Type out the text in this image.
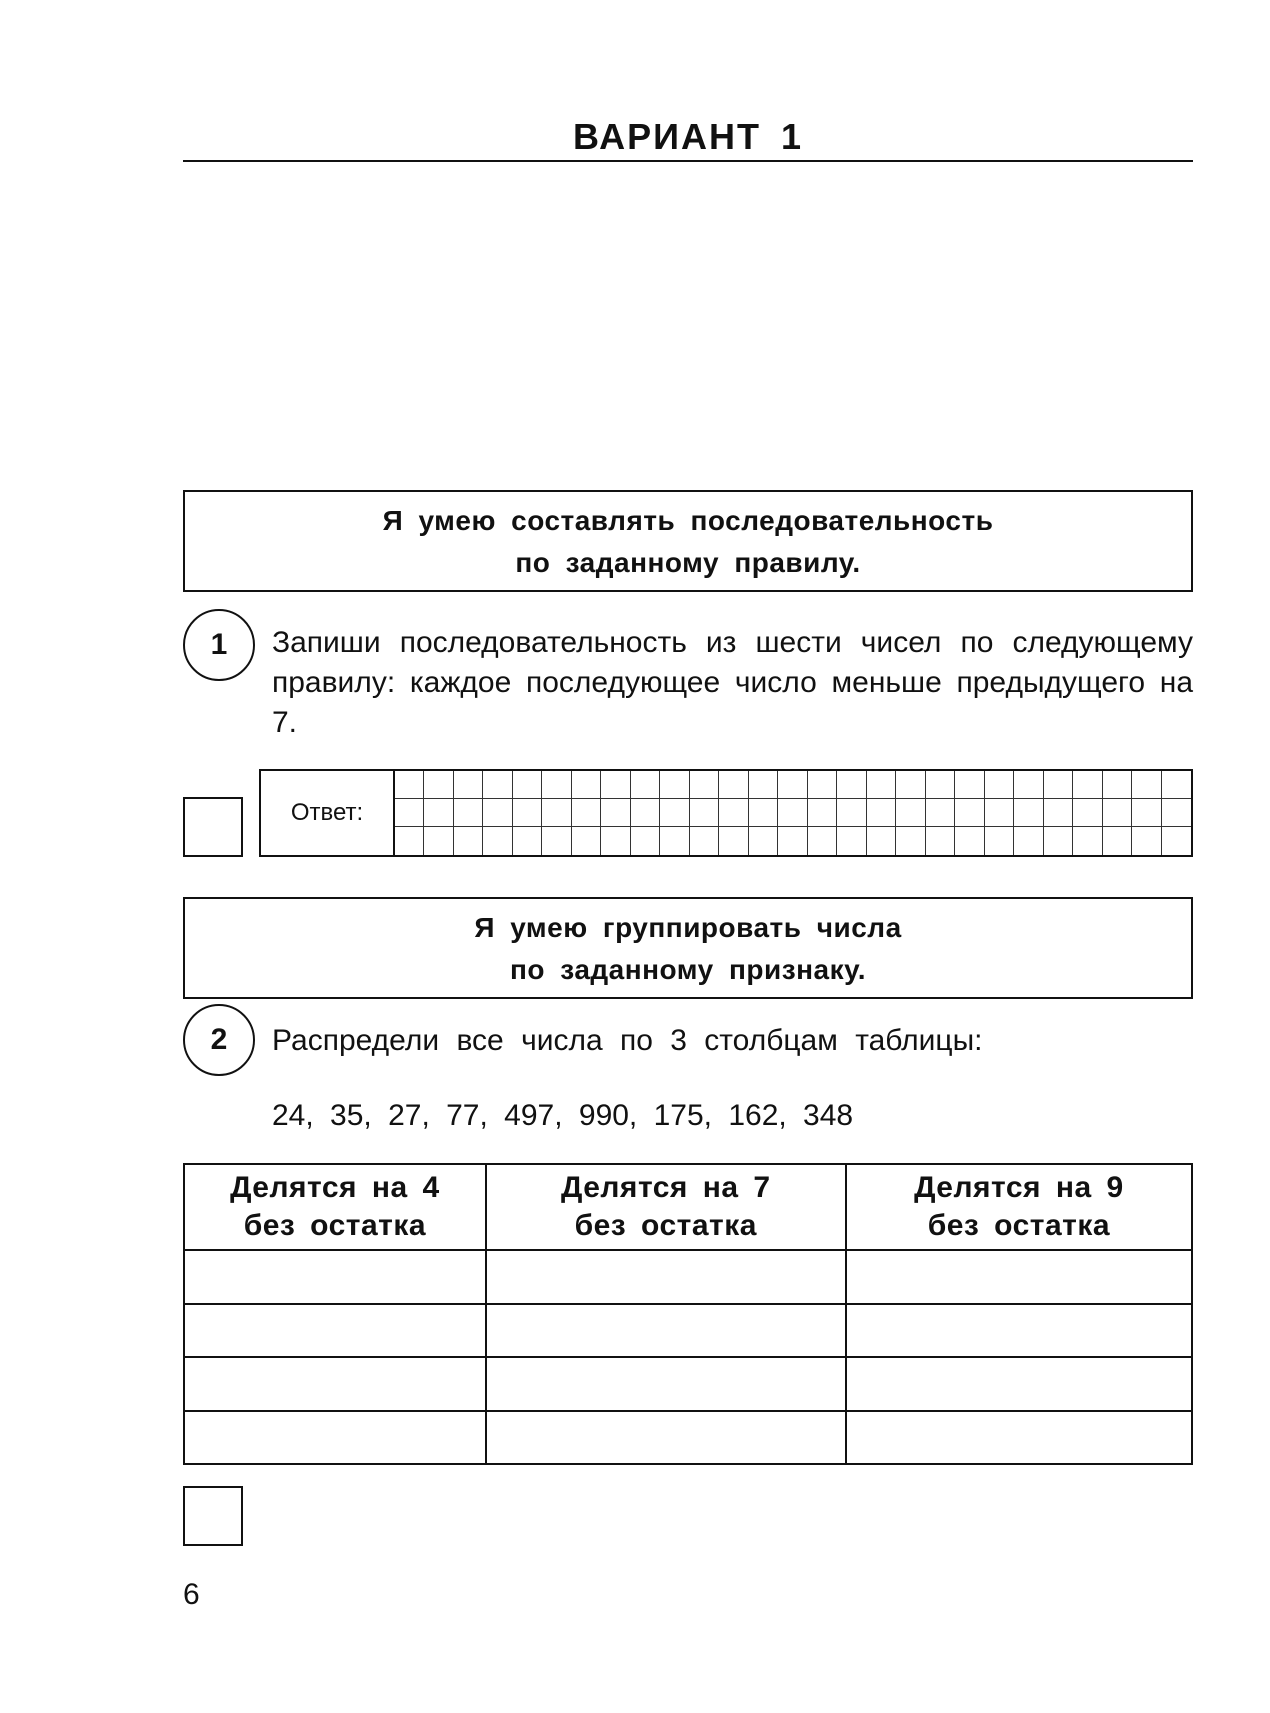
ВАРИАНТ 1
Я умею составлять последовательность
по заданному правилу.
1	Запиши последовательность из шести чисел по следующему правилу: каждое последующее число меньше предыдущего на 7.
Ответ:
Я умею группировать числа
по заданному признаку.
2	Распредели все числа по 3 столбцам таблицы:
24, 35, 27, 77, 497, 990, 175, 162, 348
Делятся на 4
без остатка	Делятся на 7
без остатка	Делятся на 9
без остатка

6
